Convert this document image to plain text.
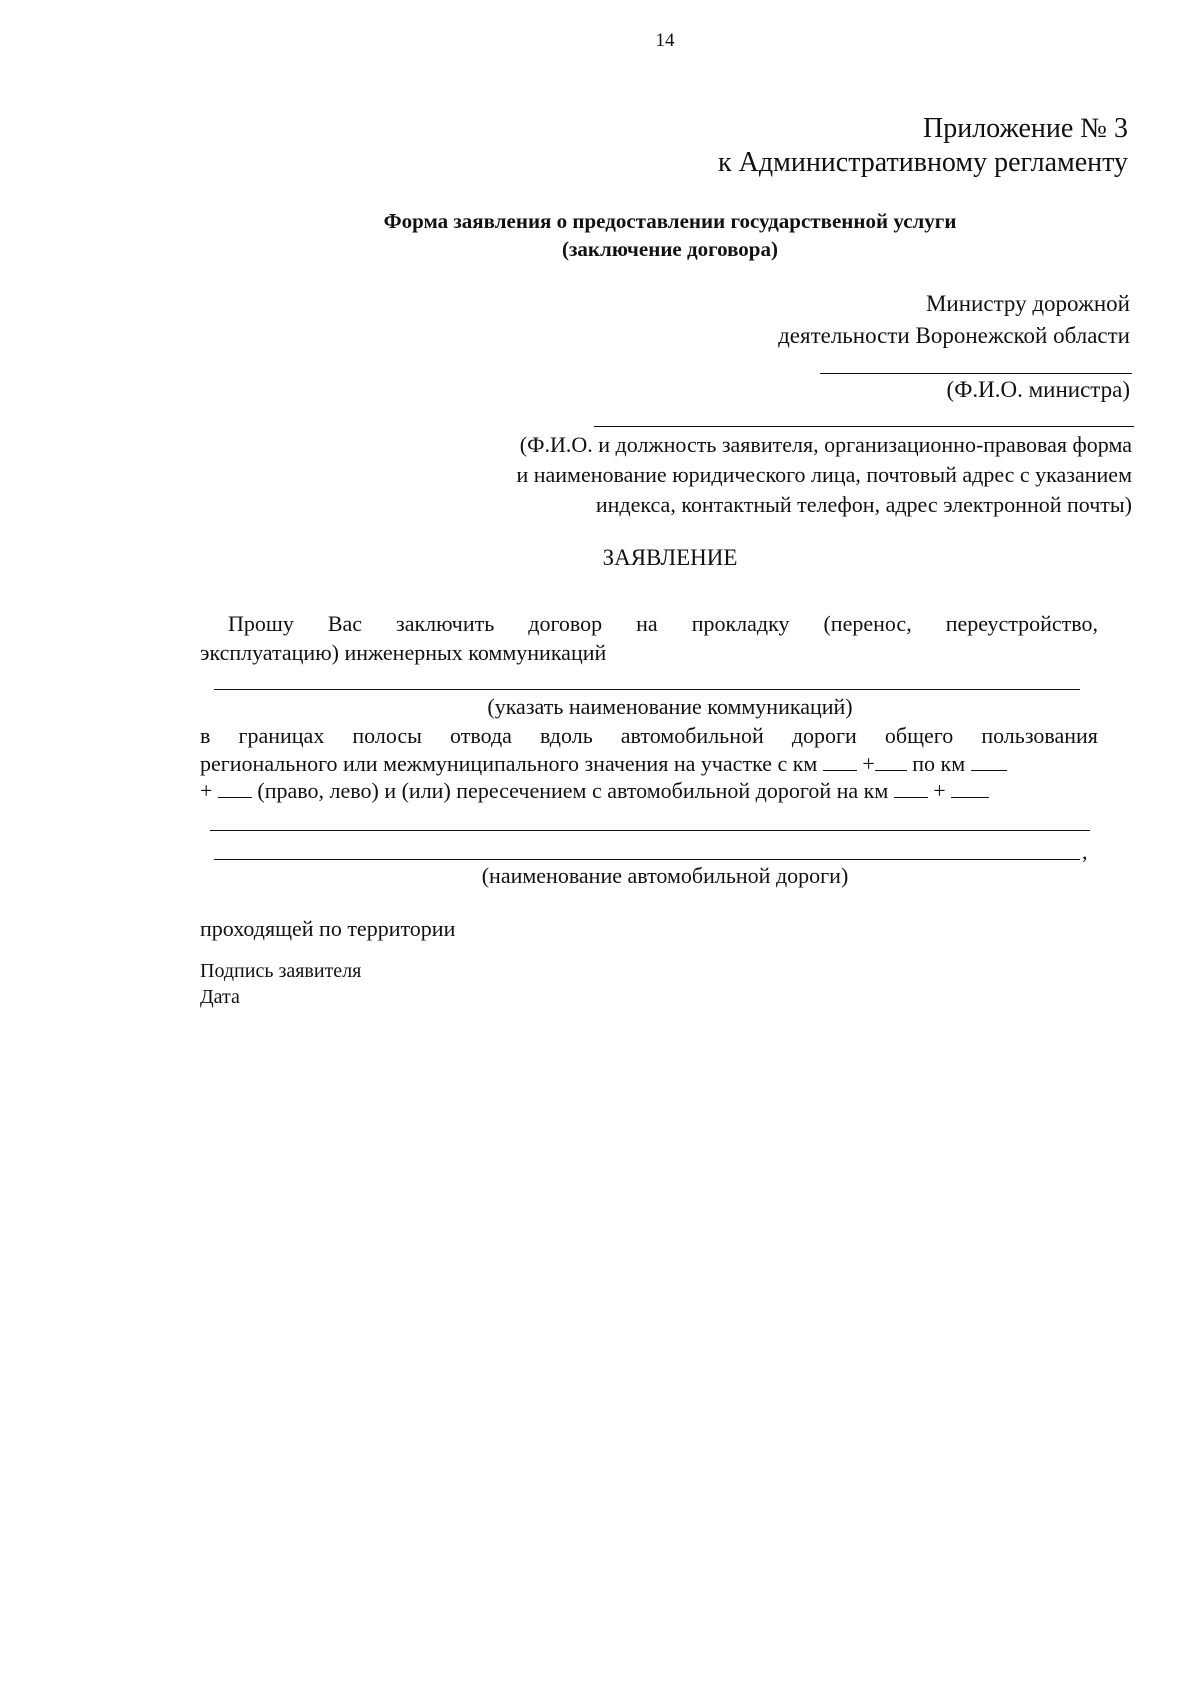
14
Приложение № 3
к Административному регламенту
Форма заявления о предоставлении государственной услуги
(заключение договора)
Министру дорожной
деятельности Воронежской области
(Ф.И.О. министра)
(Ф.И.О. и должность заявителя, организационно-правовая форма
и наименование юридического лица, почтовый адрес с указанием
индекса, контактный телефон, адрес электронной почты)
ЗАЯВЛЕНИЕ
Прошу Вас заключить договор на прокладку (перенос, переустройство,
эксплуатацию) инженерных коммуникаций
(указать наименование коммуникаций)
в границах полосы отвода вдоль автомобильной дороги общего пользования
регионального или межмуниципального значения на участке с км + по км
+ (право, лево) и (или) пересечением с автомобильной дорогой на км +
,
(наименование автомобильной дороги)
проходящей по территории
Подпись заявителя
Дата
